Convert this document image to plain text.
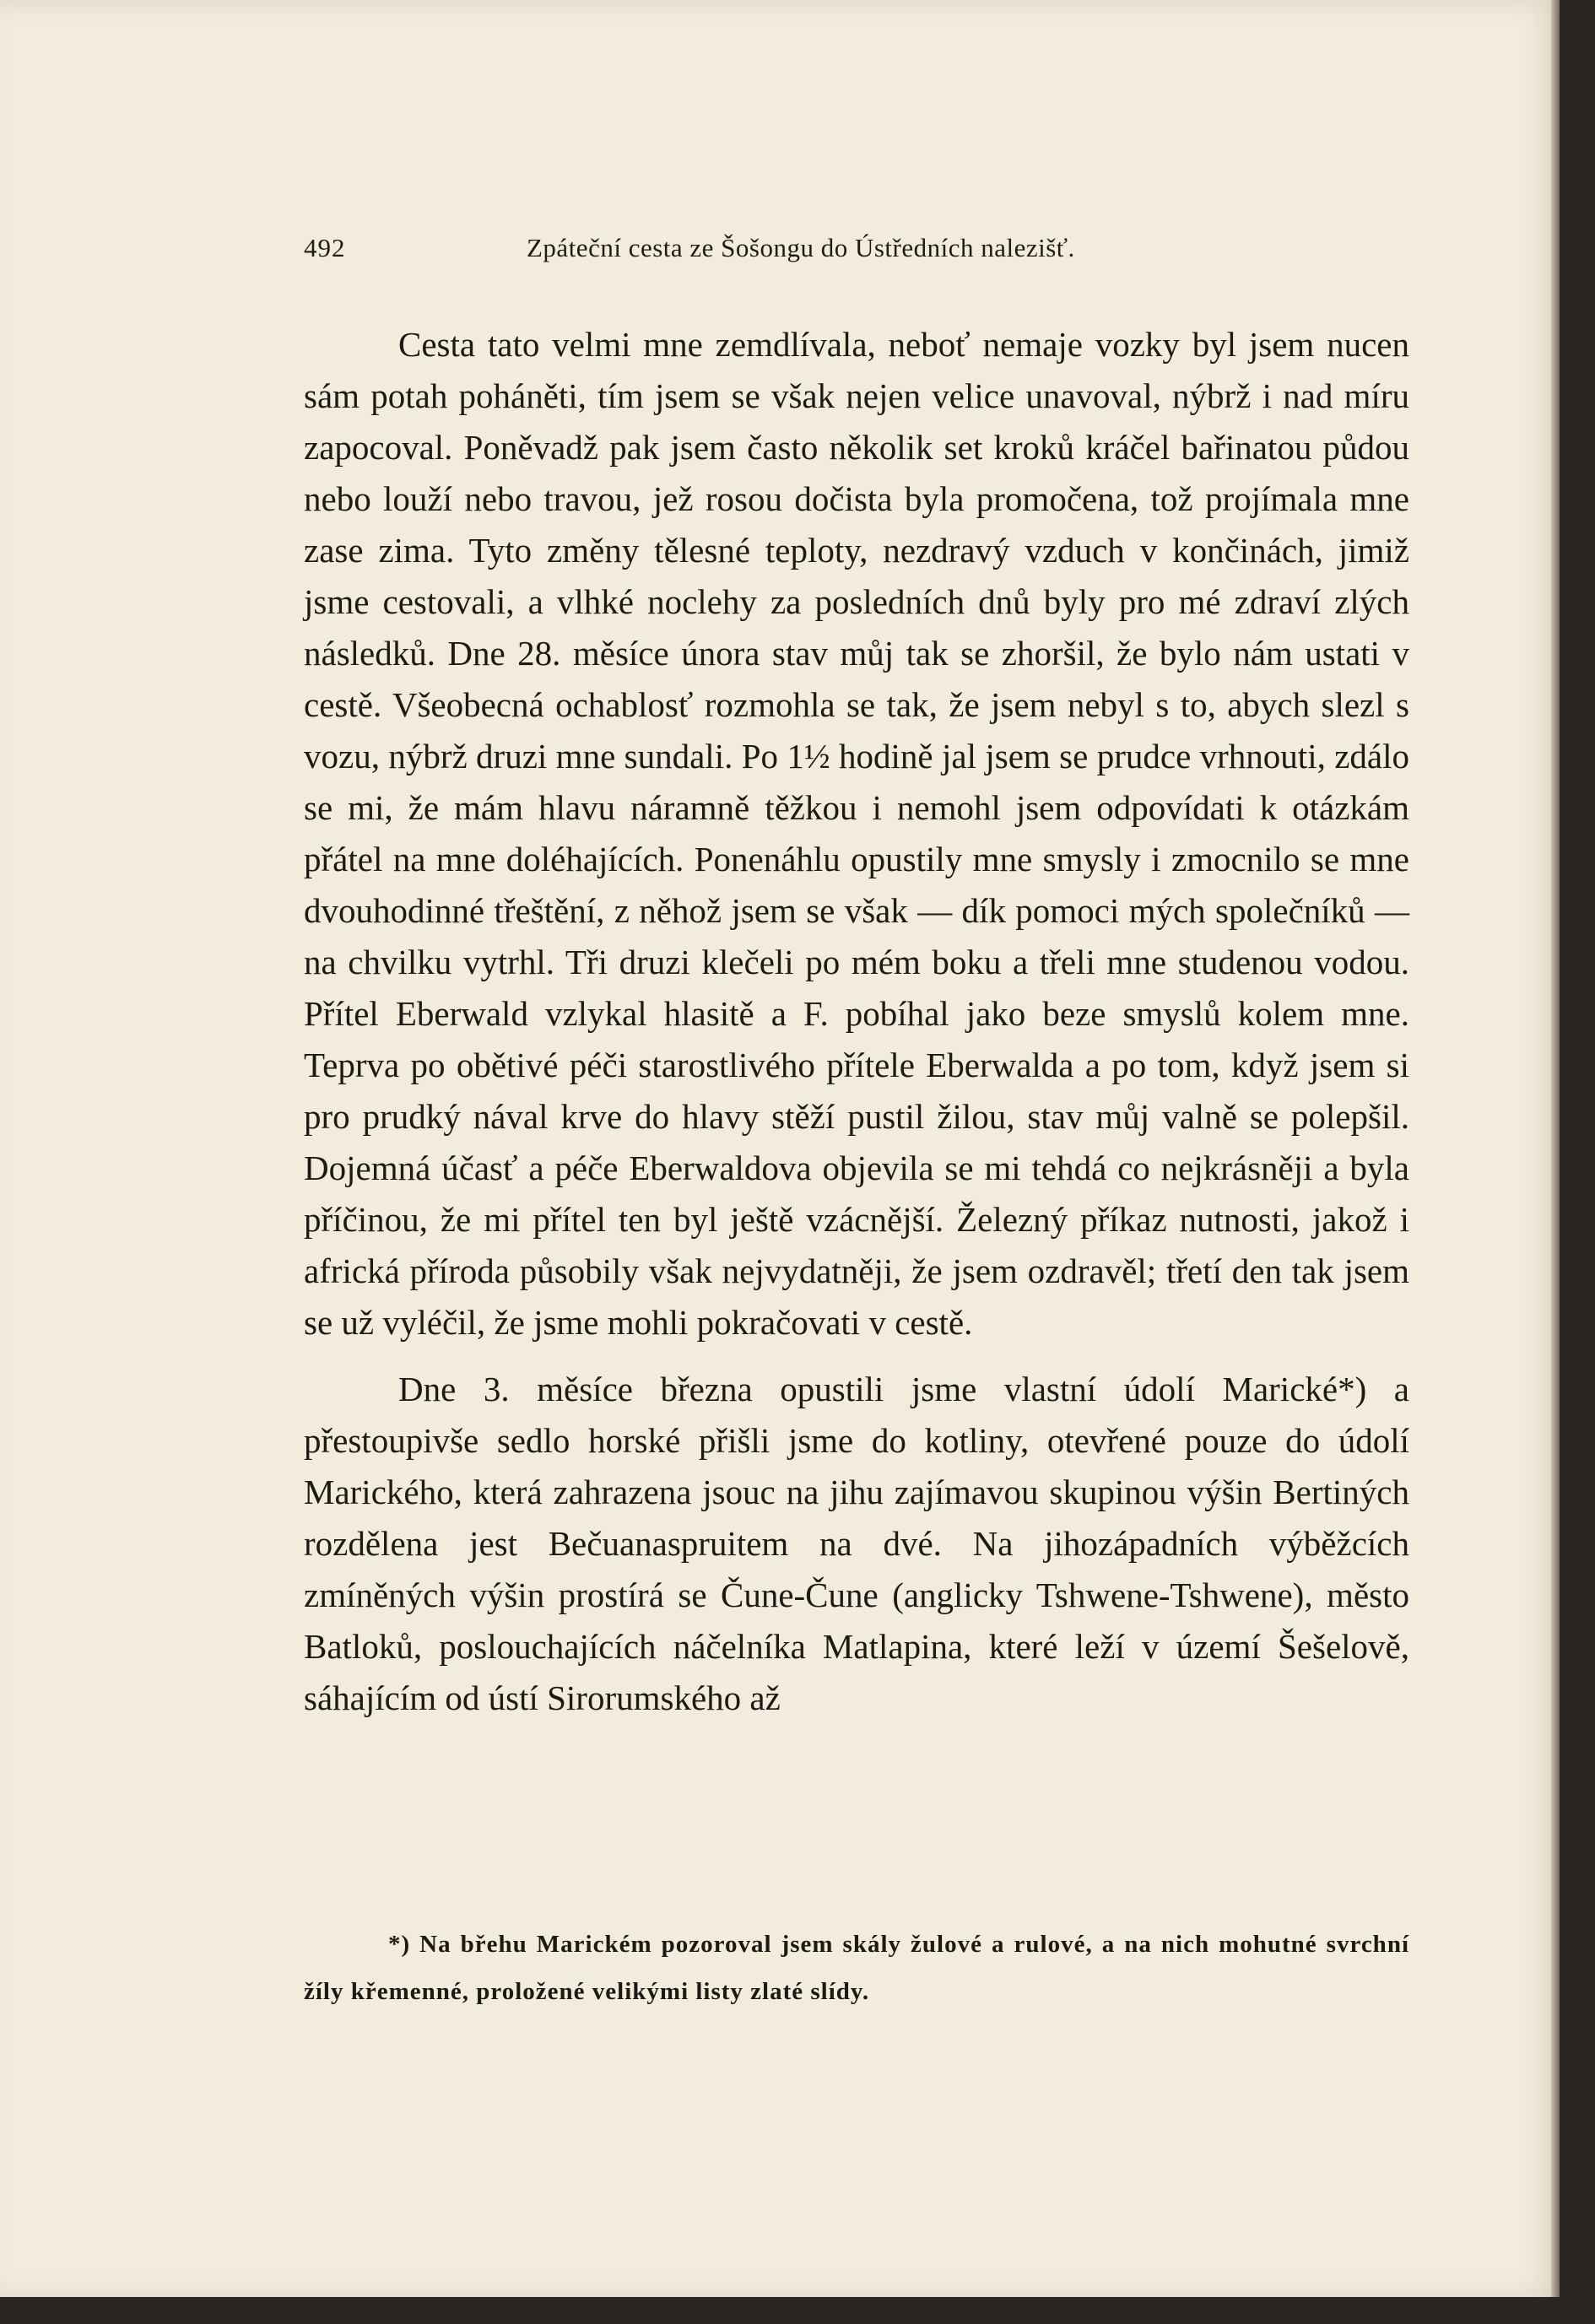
492	Zpáteční cesta ze Šošongu do Ústředních nalezišť.

Cesta tato velmi mne zemdlívala, neboť nemaje vozky byl jsem nucen sám potah poháněti, tím jsem se však nejen velice unavoval, nýbrž i nad míru zapocoval. Poněvadž pak jsem často několik set kroků kráčel bařinatou půdou nebo louží nebo travou, jež rosou dočista byla promočena, tož projímala mne zase zima. Tyto změny tělesné teploty, nezdravý vzduch v končinách, jimiž jsme cestovali, a vlhké noclehy za posledních dnů byly pro mé zdraví zlých následků. Dne 28. měsíce února stav můj tak se zhoršil, že bylo nám ustati v cestě. Všeobecná ochablosť rozmohla se tak, že jsem nebyl s to, abych slezl s vozu, nýbrž druzi mne sundali. Po 1½ hodině jal jsem se prudce vrhnouti, zdálo se mi, že mám hlavu náramně těžkou i nemohl jsem odpovídati k otázkám přátel na mne doléhajících. Ponenáhlu opustily mne smysly i zmocnilo se mne dvouhodinné třeštění, z něhož jsem se však — dík pomoci mých společníků — na chvilku vytrhl. Tři druzi klečeli po mém boku a třeli mne studenou vodou. Přítel Eberwald vzlykal hlasitě a F. pobíhal jako beze smyslů kolem mne. Teprva po obětivé péči starostlivého přítele Eberwalda a po tom, když jsem si pro prudký nával krve do hlavy stěží pustil žilou, stav můj valně se polepšil. Dojemná účasť a péče Eberwaldova objevila se mi tehdá co nejkrásněji a byla příčinou, že mi přítel ten byl ještě vzácnější. Železný příkaz nutnosti, jakož i africká příroda působily však nejvydatněji, že jsem ozdravěl; třetí den tak jsem se už vyléčil, že jsme mohli pokračovati v cestě.

Dne 3. měsíce března opustili jsme vlastní údolí Marické*) a přestoupivše sedlo horské přišli jsme do kotliny, otevřené pouze do údolí Marického, která zahrazena jsouc na jihu zajímavou skupinou výšin Bertiných rozdělena jest Bečuanaspruitem na dvé. Na jihozápadních výběžcích zmíněných výšin prostírá se Čune-Čune (anglicky Tshwene-Tshwene), město Batloků, poslouchajících náčelníka Matlapina, které leží v území Šešelově, sáhajícím od ústí Sirorumského až

*) Na břehu Marickém pozoroval jsem skály žulové a rulové, a na nich mohutné svrchní žíly křemenné, proložené velikými listy zlaté slídy.
